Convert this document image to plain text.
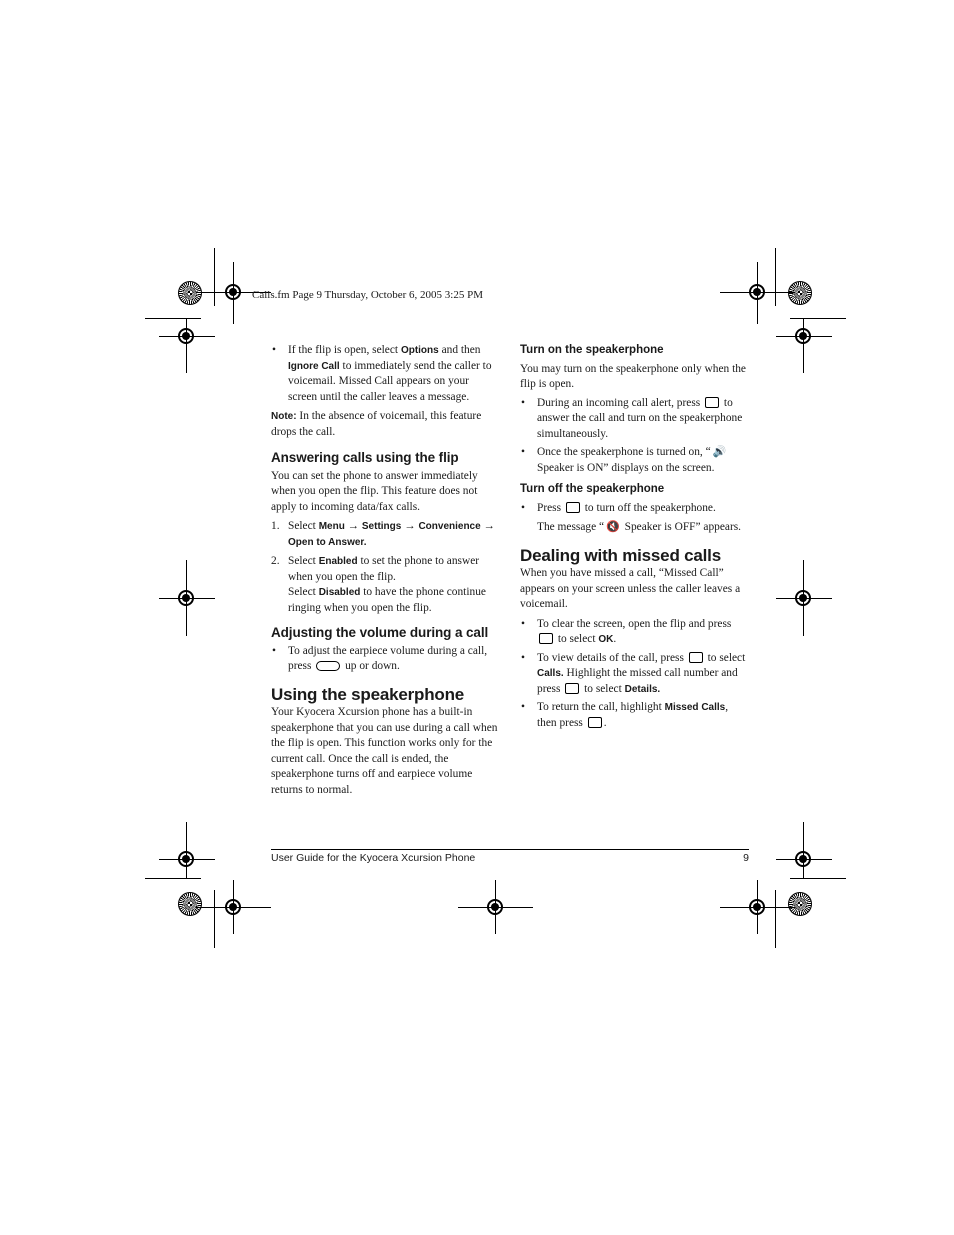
Calls.fm Page 9 Thursday, October 6, 2005 3:25 PM

• If the flip is open, select Options and then Ignore Call to immediately send the caller to voicemail. Missed Call appears on your screen until the caller leaves a message.

Note: In the absence of voicemail, this feature drops the call.

Answering calls using the flip

You can set the phone to answer immediately when you open the flip. This feature does not apply to incoming data/fax calls.

1. Select Menu → Settings → Convenience → Open to Answer.

2. Select Enabled to set the phone to answer when you open the flip.
Select Disabled to have the phone continue ringing when you open the flip.

Adjusting the volume during a call

• To adjust the earpiece volume during a call, press  up or down.

Using the speakerphone

Your Kyocera Xcursion phone has a built-in speakerphone that you can use during a call when the flip is open. This function works only for the current call. Once the call is ended, the speakerphone turns off and earpiece volume returns to normal.

Turn on the speakerphone

You may turn on the speakerphone only when the flip is open.

• During an incoming call alert, press  to answer the call and turn on the speakerphone simultaneously.

• Once the speakerphone is turned on, “ 🔊 Speaker is ON” displays on the screen.

Turn off the speakerphone

• Press  to turn off the speakerphone.
The message “ 🔇 Speaker is OFF” appears.

Dealing with missed calls

When you have missed a call, “Missed Call” appears on your screen unless the caller leaves a voicemail.

• To clear the screen, open the flip and press  to select OK.

• To view details of the call, press  to select Calls. Highlight the missed call number and press  to select Details.

• To return the call, highlight Missed Calls, then press .

User Guide for the Kyocera Xcursion Phone	9
